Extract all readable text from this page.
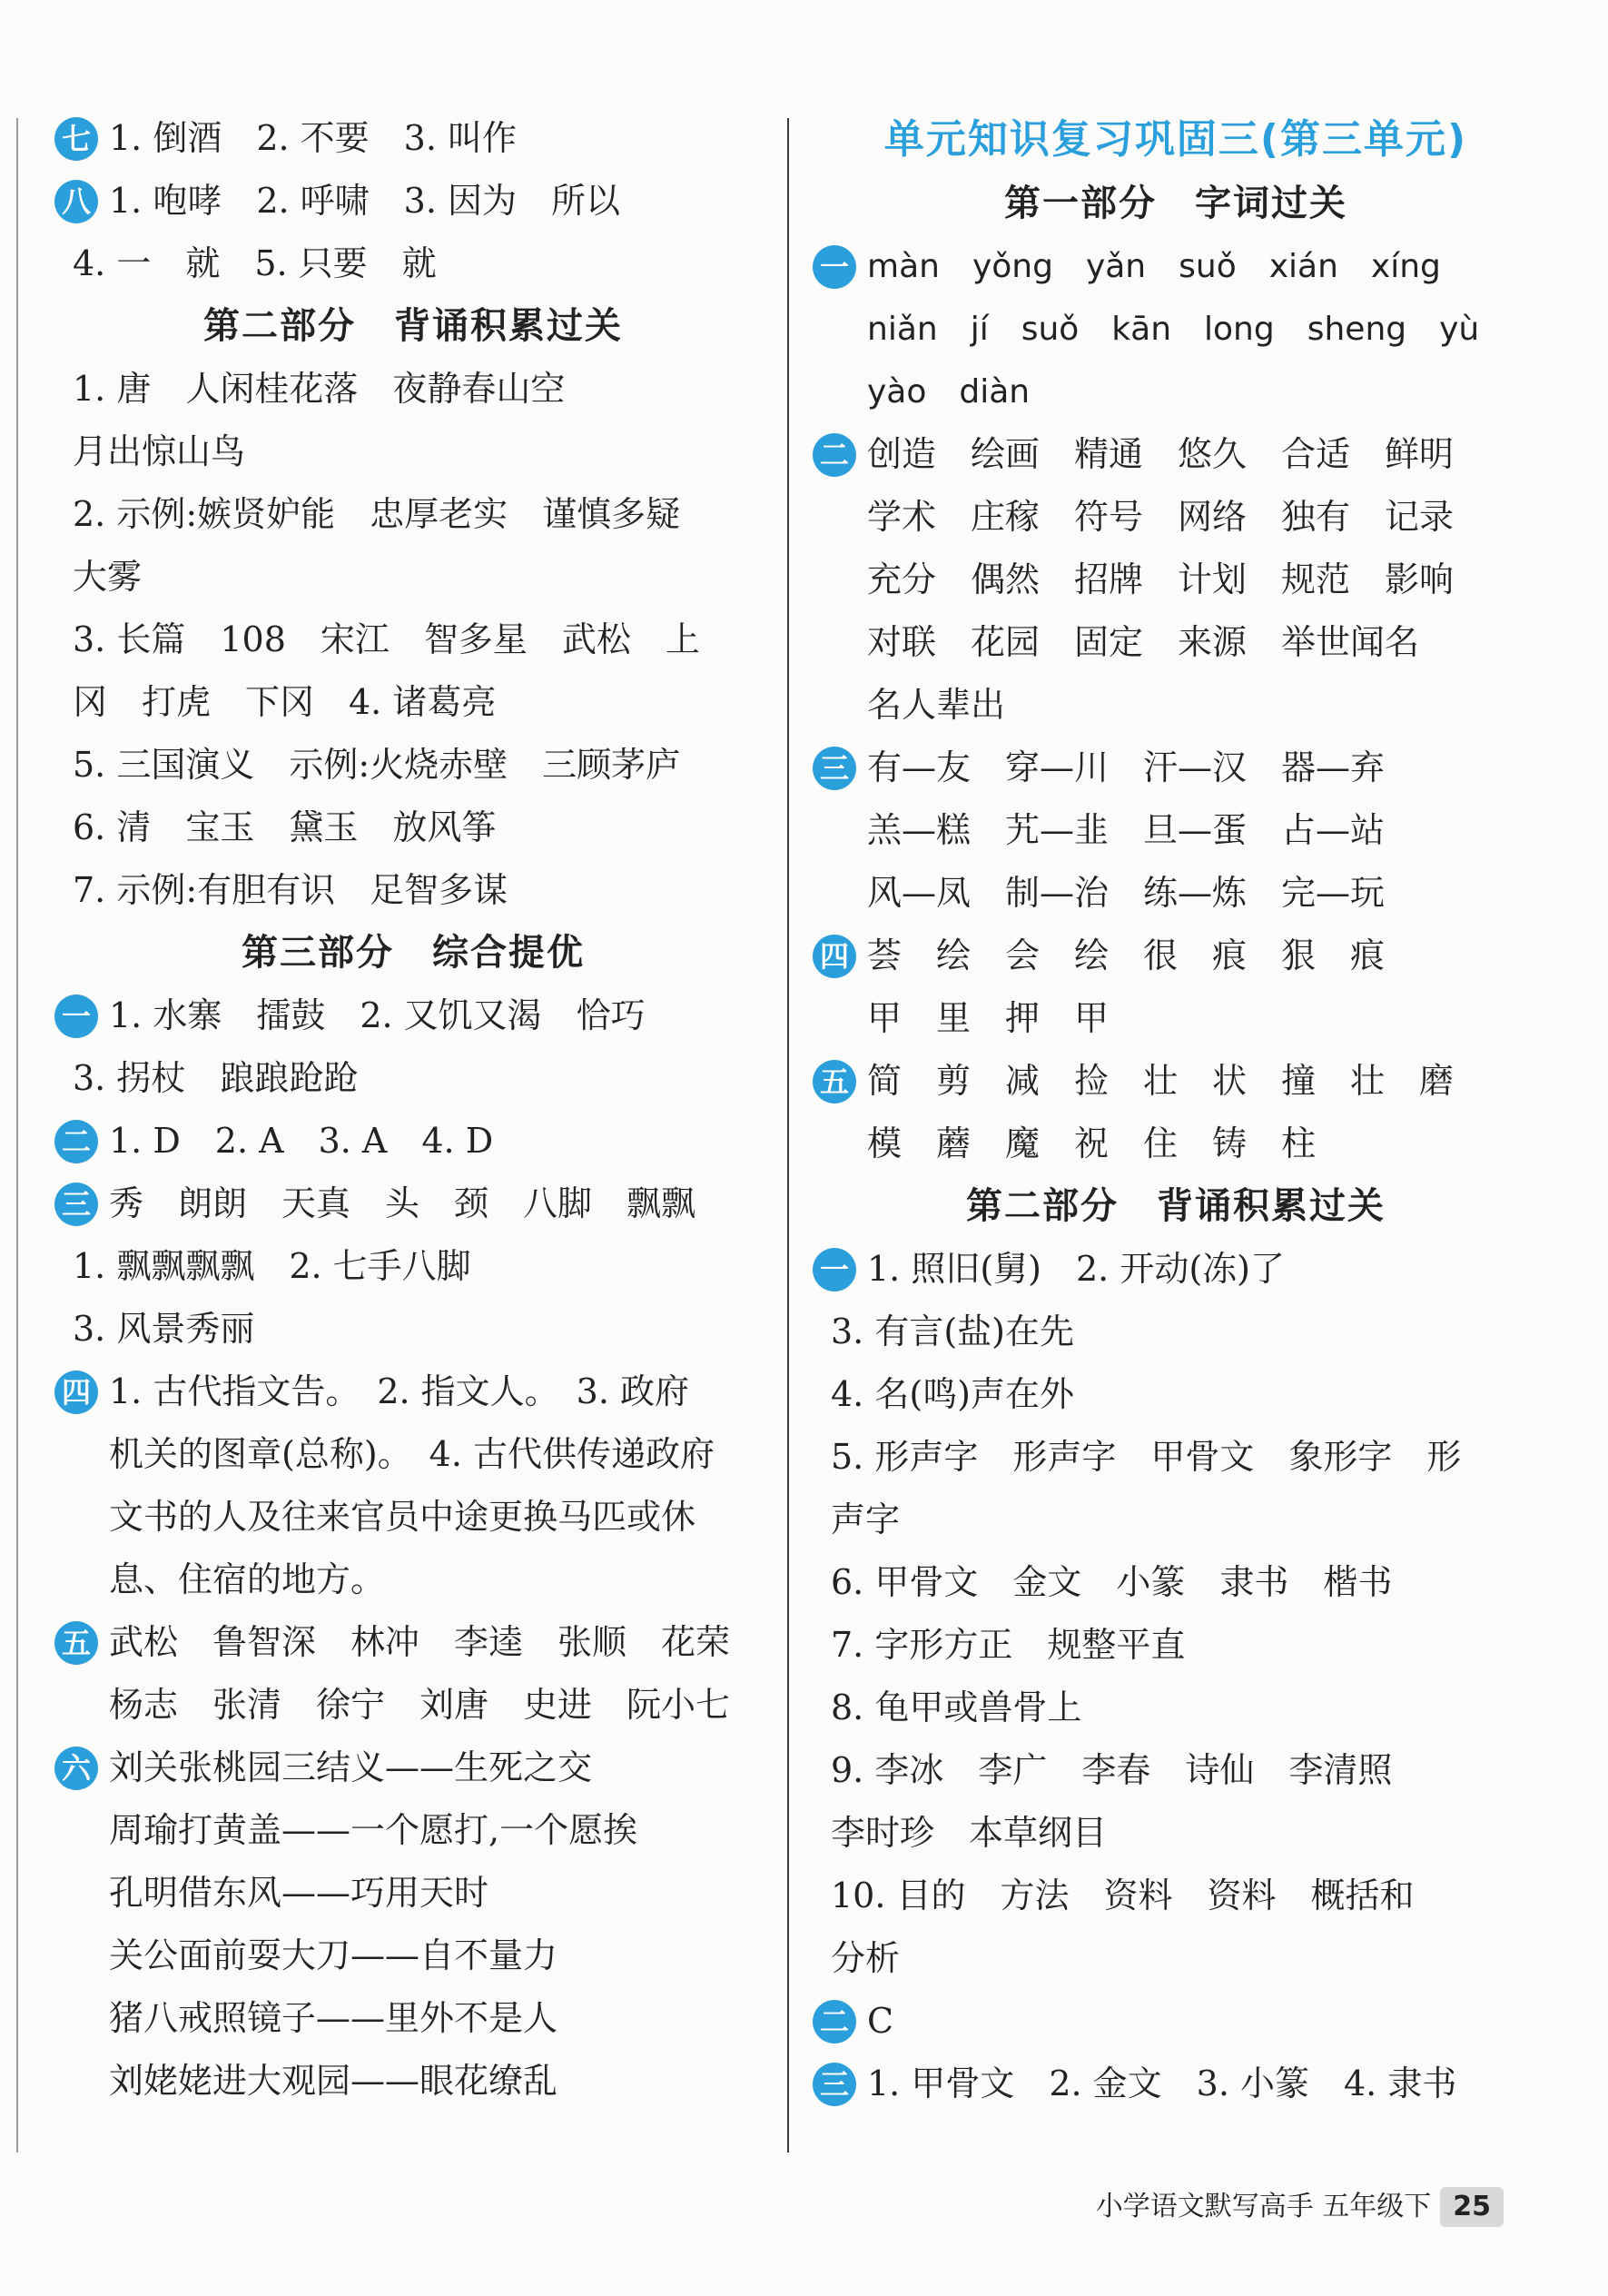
七 1. 倒酒　2. 不要　3. 叫作
八 1. 咆哮　2. 呼啸　3. 因为　所以
4. 一　就　5. 只要　就
第二部分　背诵积累过关
1. 唐　人闲桂花落　夜静春山空
月出惊山鸟
2. 示例:嫉贤妒能　忠厚老实　谨慎多疑
大雾
3. 长篇　108　宋江　智多星　武松　上
冈　打虎　下冈　4. 诸葛亮
5. 三国演义　示例:火烧赤壁　三顾茅庐
6. 清　宝玉　黛玉　放风筝
7. 示例:有胆有识　足智多谋
第三部分　综合提优
一 1. 水寨　擂鼓　2. 又饥又渴　恰巧
3. 拐杖　踉踉跄跄
二 1. D　2. A　3. A　4. D
三 秀　朗朗　天真　头　颈　八脚　飘飘
1. 飘飘飘飘　2. 七手八脚
3. 风景秀丽
四 1. 古代指文告。　2. 指文人。　3. 政府
机关的图章(总称)。　4. 古代供传递政府
文书的人及往来官员中途更换马匹或休
息、住宿的地方。
五 武松　鲁智深　林冲　李逵　张顺　花荣
杨志　张清　徐宁　刘唐　史进　阮小七
六 刘关张桃园三结义——生死之交
周瑜打黄盖——一个愿打,一个愿挨
孔明借东风——巧用天时
关公面前耍大刀——自不量力
猪八戒照镜子——里外不是人
刘姥姥进大观园——眼花缭乱
单元知识复习巩固三(第三单元)
第一部分　字词过关
一 màn　yǒng　yǎn　suǒ　xián　xíng
niǎn　jí　suǒ　kān　long　sheng　yù
yào　diàn
二 创造　绘画　精通　悠久　合适　鲜明
学术　庄稼　符号　网络　独有　记录
充分　偶然　招牌　计划　规范　影响
对联　花园　固定　来源　举世闻名
名人辈出
三 有—友　穿—川　汗—汉　器—弃
羔—糕　艽—韭　旦—蛋　占—站
风—凤　制—治　练—炼　完—玩
四 荟　绘　会　绘　很　痕　狠　痕
甲　里　押　甲
五 简　剪　减　捡　壮　状　撞　壮　磨
模　蘑　魔　祝　住　铸　柱
第二部分　背诵积累过关
一 1. 照旧(舅)　2. 开动(冻)了
3. 有言(盐)在先
4. 名(鸣)声在外
5. 形声字　形声字　甲骨文　象形字　形
声字
6. 甲骨文　金文　小篆　隶书　楷书
7. 字形方正　规整平直
8. 龟甲或兽骨上
9. 李冰　李广　李春　诗仙　李清照
李时珍　本草纲目
10. 目的　方法　资料　资料　概括和
分析
二 C
三 1. 甲骨文　2. 金文　3. 小篆　4. 隶书
小学语文默写高手 五年级下 25
